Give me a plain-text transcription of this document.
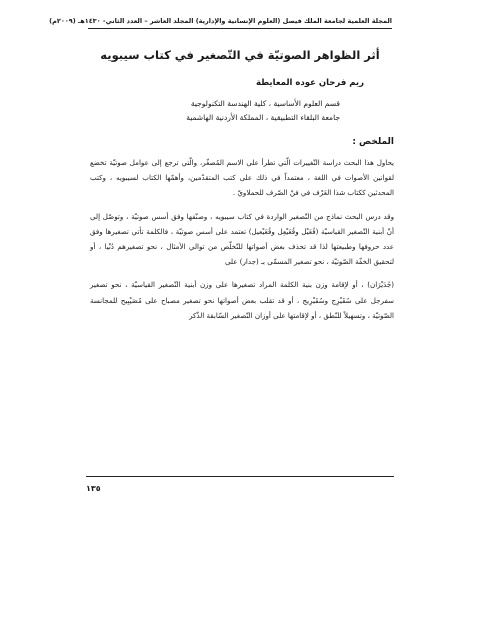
المجلة العلمية لجامعة الملك فيصل (العلوم الإنسانية والإدارية) المجلد العاشر – العدد الثاني- ١٤٣٠هـ (٢٠٠٩م)
أثر الظواهر الصوتيّة في التّصغير في كتاب سيبويه
ريم فرحان عوده المعايطة
قسم العلوم الأساسية ، كلية الهندسة التكنولوجية
جامعة البلقاء التطبيقية ، المملكة الأردنية الهاشمية
الملخص :

يحاول هذا البحث دراسة التّغييرات الّتي تطرأ على الاسم المُصغّر، والّتي ترجع إلى عوامل صوتيّة تخضع لقوانين الأصوات في اللغة ، معتمداً في ذلك على كتب المتقدّمين، وأهمّها الكتاب لسيبويه ، وكتب المحدثين ككتاب شذا العَرْف في فنّ الصّرف للحملاويّ .

وقد درس البحث نماذج من التّصغير الواردة في كتاب سيبويه ، وصنّفها وفق أسس صوتيّة ، وتوصّل إلى أنّ أبنية التّصغير القياسيّة (فُعَيْل وفُعَيْعِل وفُعَيْعيل) تعتمد على أسس صوتيّة ، فالكلمة تأتي تصغيرها وفق عدد حروفها وطبيعتها لذا قد تحذف بعض أصواتها للتّخلّص من توالي الأمثال ، نحو تصغيرهم دُنْيا ، أو لتحقيق الخفّة الصّوتيّة ، نحو تصغير المسمّى بـ (جدار) على

(جُدَيْرَان) ، أو لإقامة وزن بنية الكلمة المراد تصغيرها على وزن أبنية التّصغير القياسيّة ، نحو تصغير سفرجل على سُفَيْرِج وسُفَيْرِيج ، أو قد تقلب بعض أصواتها نحو تصغير مصباح على مُصَيْبِيح للمجانسة الصّوتيّة ، وتسهيلاً للنّطق ، أو لإقامتها على أوزان التّصغير السّابقة الذّكر

١٣٥
